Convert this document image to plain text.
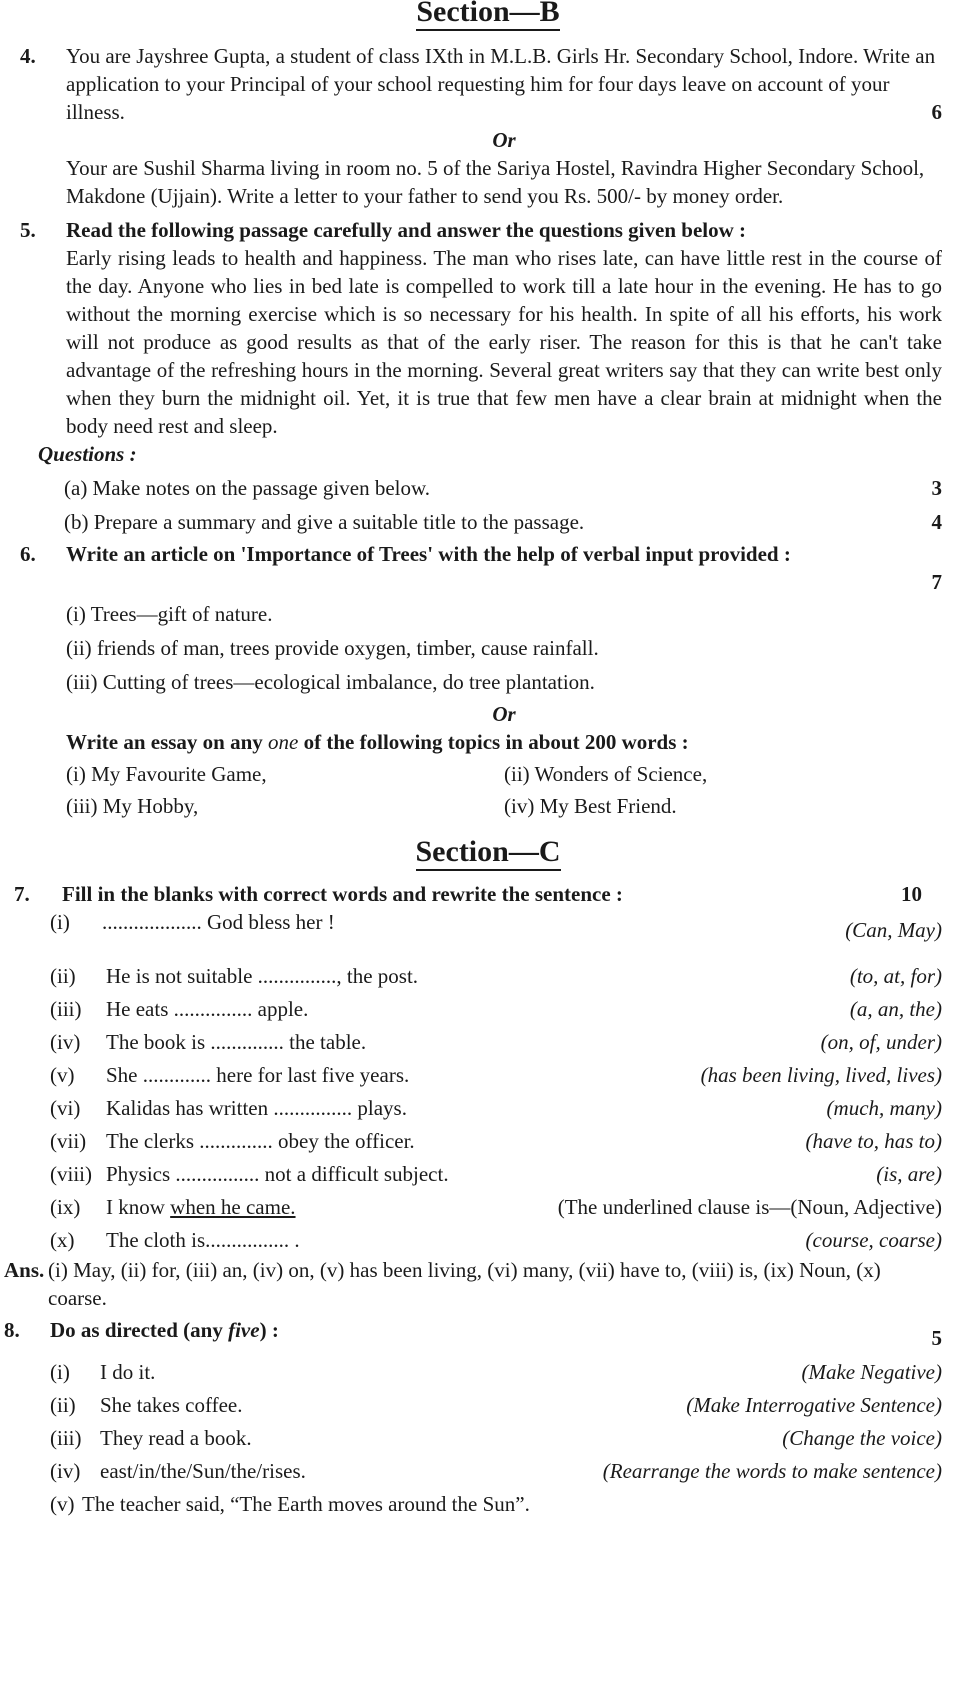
Section—B
4. You are Jayshree Gupta, a student of class IXth in M.L.B. Girls Hr. Secondary School, Indore. Write an application to your Principal of your school requesting him for four days leave on account of your illness.	6
Or
Your are Sushil Sharma living in room no. 5 of the Sariya Hostel, Ravindra Higher Secondary School, Makdone (Ujjain). Write a letter to your father to send you Rs. 500/- by money order.
5. Read the following passage carefully and answer the questions given below :
Early rising leads to health and happiness. The man who rises late, can have little rest in the course of the day. Anyone who lies in bed late is compelled to work till a late hour in the evening. He has to go without the morning exercise which is so necessary for his health. In spite of all his efforts, his work will not produce as good results as that of the early riser. The reason for this is that he can't take advantage of the refreshing hours in the morning. Several great writers say that they can write best only when they burn the midnight oil. Yet, it is true that few men have a clear brain at midnight when the body need rest and sleep.
Questions :
(a) Make notes on the passage given below.	3
(b) Prepare a summary and give a suitable title to the passage.	4
6. Write an article on 'Importance of Trees' with the help of verbal input provided :
7
(i) Trees—gift of nature.
(ii) friends of man, trees provide oxygen, timber, cause rainfall.
(iii) Cutting of trees—ecological imbalance, do tree plantation.
Or
Write an essay on any one of the following topics in about 200 words :
(i) My Favourite Game,	(ii) Wonders of Science,
(iii) My Hobby,	(iv) My Best Friend.
Section—C
7. Fill in the blanks with correct words and rewrite the sentence :	10
(i) ................... God bless her !	(Can, May)
(ii) He is not suitable ..............., the post.	(to, at, for)
(iii) He eats ............... apple.	(a, an, the)
(iv) The book is .............. the table.	(on, of, under)
(v) She ............. here for last five years.	(has been living, lived, lives)
(vi) Kalidas has written ............... plays.	(much, many)
(vii) The clerks .............. obey the officer.	(have to, has to)
(viii) Physics ................ not a difficult subject.	(is, are)
(ix) I know when he came.	(The underlined clause is—(Noun, Adjective)
(x) The cloth is................ .	(course, coarse)
Ans. (i) May, (ii) for, (iii) an, (iv) on, (v) has been living, (vi) many, (vii) have to, (viii) is, (ix) Noun, (x) coarse.
8. Do as directed (any five) :	5
(i) I do it.	(Make Negative)
(ii) She takes coffee.	(Make Interrogative Sentence)
(iii) They read a book.	(Change the voice)
(iv) east/in/the/Sun/the/rises.	(Rearrange the words to make sentence)
(v) The teacher said, “The Earth moves around the Sun”.
